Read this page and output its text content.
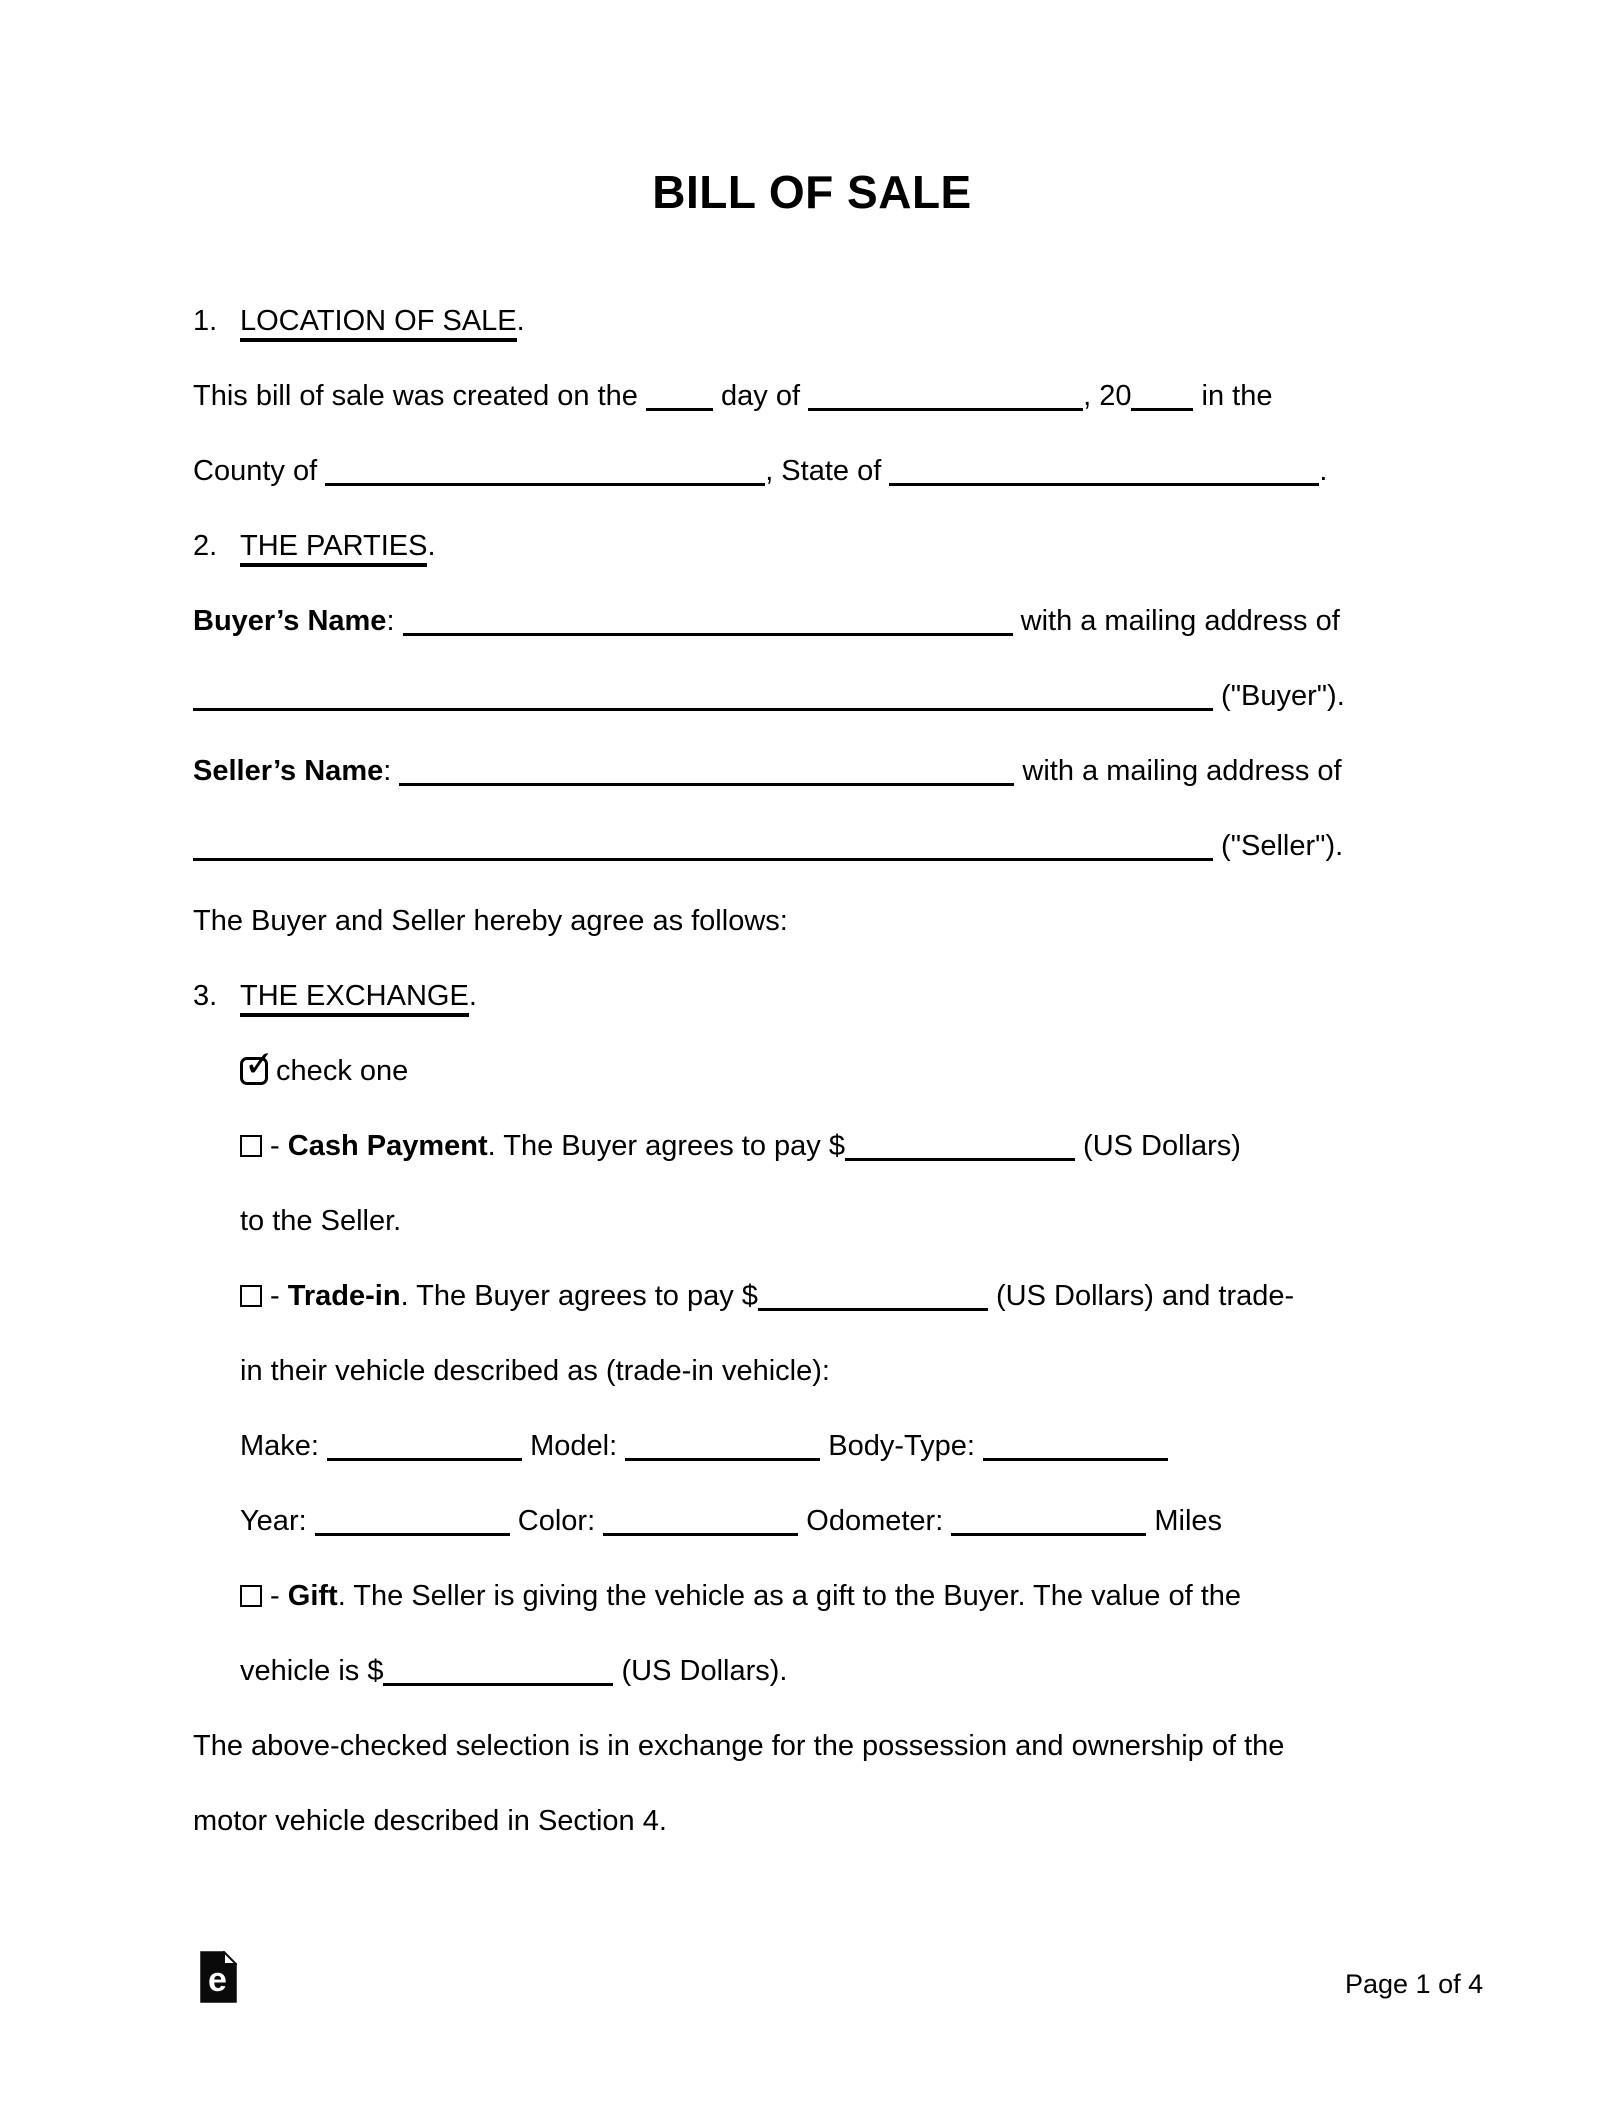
BILL OF SALE
1. LOCATION OF SALE.
This bill of sale was created on the  day of	, 20 in the
County of	, State of	.
2. THE PARTIES.
Buyer’s Name:	with a mailing address of
("Buyer").
Seller’s Name:	with a mailing address of
("Seller").
The Buyer and Seller hereby agree as follows:
3. THE EXCHANGE.
✓
check one
- Cash Payment. The Buyer agrees to pay $	(US Dollars)
to the Seller.
- Trade-in. The Buyer agrees to pay $	(US Dollars) and trade-
in their vehicle described as (trade-in vehicle):
Make:	Model:	Body-Type:
Year:	Color:	Odometer:	Miles
- Gift. The Seller is giving the vehicle as a gift to the Buyer. The value of the
vehicle is $	(US Dollars).
The above-checked selection is in exchange for the possession and ownership of the
motor vehicle described in Section 4.
e	Page 1 of 4
